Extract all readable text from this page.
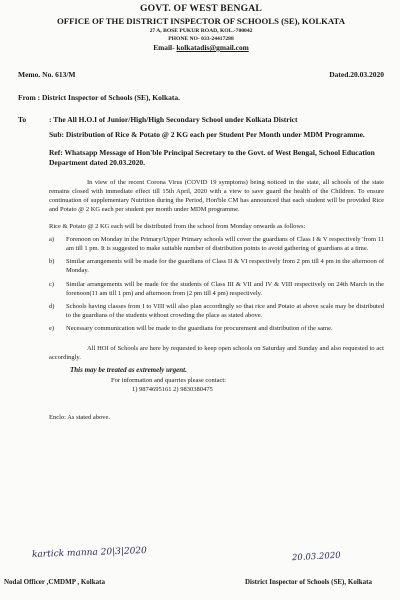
GOVT. OF WEST BENGAL
OFFICE OF THE DISTRICT INSPECTOR OF SCHOOLS (SE), KOLKATA
27 A, BOSE PUKUR ROAD, KOL.-700042
PHONE NO- 033-24417288
Email- kolkatadis@gmail.com
Memo. No. 613/M	Dated.20.03.2020
From : District Inspector of Schools (SE), Kolkata.
To	: The All H.O.I of Junior/High/High Secondary School under Kolkata District
Sub: Distribution of Rice & Potato @ 2 KG each per Student Per Month under MDM Programme.
Ref: Whatsapp Message of Hon'ble Principal Secretary to the Govt. of West Bengal, School Education Department dated 20.03.2020.
In view of the recent Corona Virus (COVID 19 symptoms) being noticed in the state, all schools of the state remains closed with immediate effect till 15th April, 2020 with a view to save guard the health of the Children. To ensure continuation of supplementary Nutrition during the Period, Hon'ble CM has announced that each student will be provided Rice and Potato @ 2 KG each per student per month under MDM programme.
Rice & Potato @ 2 KG each will be distributed from the school from Monday onwards as follows:
a)	Forenoon on Monday in the Primary/Upper Primary schools will cover the guardians of Class I & V respectively 'from 11 am till 1 pm. It is suggested to make suitable number of distribution points to avoid gathering of guardians at a time.
b)	Similar arrangements will be made for the guardians of Class II & VI respectively from 2 pm till 4 pm in the afternoon of Monday.
c)	Similar arrangements will be made for the students of Class III & VII and IV & VIII respectively on 24th March in the forenoon(11 am till 1 pm) and afternoon from (2 pm till 4 pm) respectively.
d)	Schools having classes from I to VIII will also plan accordingly so that rice and Potato at above scale may be distributed to the guardians of the students without crowding the place as stated above.
e)	Necessary communication will be made to the guardians for procurement and distribution of the same.
All HOI of Schools are here by requested to keep open schools on Saturday and Sunday and also requested to act accordingly.
This may be treated as extremely urgent.
For information and quarries please contact:
1) 9874695161 2) 9830380475
Enclo: As stated above.
kartick manna 20|3|2020	20.03.2020
Nodal Officer ,CMDMP , Kolkata	District Inspector of Schools (SE), Kolkata
